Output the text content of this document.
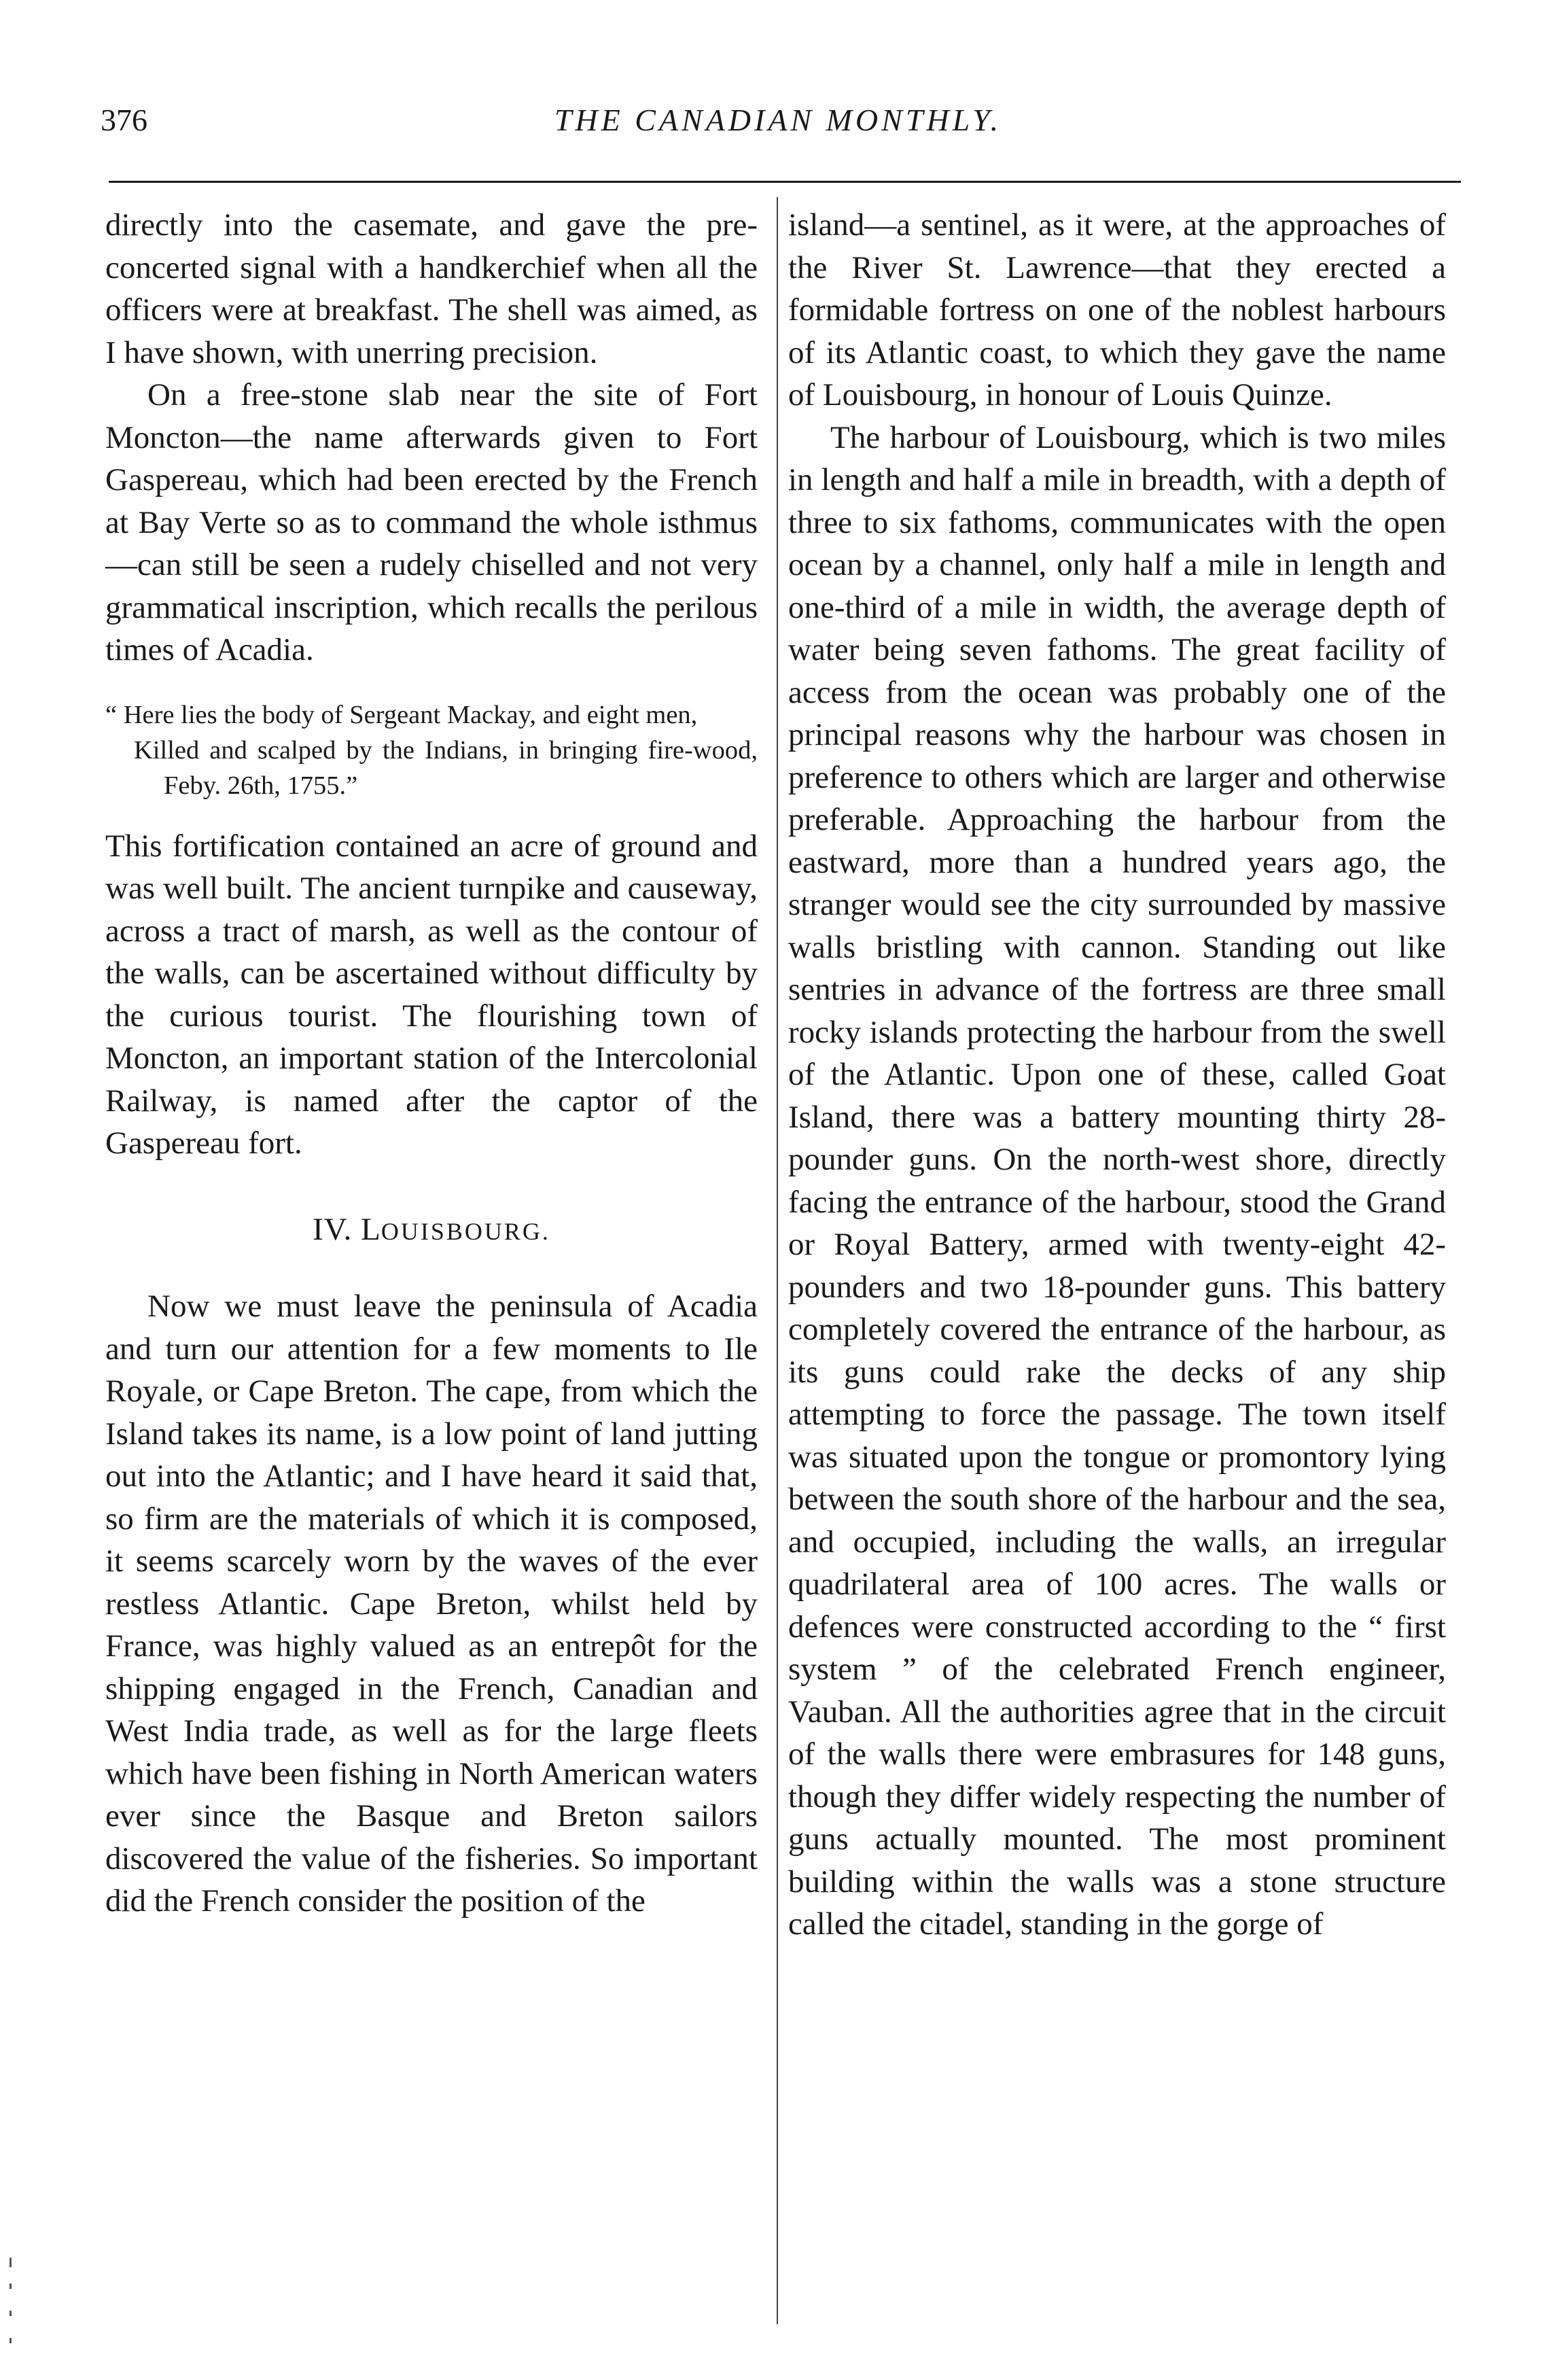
376	THE CANADIAN MONTHLY.

directly into the casemate, and gave the pre-concerted signal with a handkerchief when all the officers were at breakfast. The shell was aimed, as I have shown, with unerring precision.

On a free-stone slab near the site of Fort Moncton—the name afterwards given to Fort Gaspereau, which had been erected by the French at Bay Verte so as to command the whole isthmus—can still be seen a rudely chiselled and not very grammatical inscription, which recalls the perilous times of Acadia.

“ Here lies the body of Sergeant Mackay, and eight men,

Killed and scalped by the Indians, in bringing fire-wood, Feby. 26th, 1755.”

This fortification contained an acre of ground and was well built. The ancient turnpike and causeway, across a tract of marsh, as well as the contour of the walls, can be ascertained without difficulty by the curious tourist. The flourishing town of Moncton, an important station of the Intercolonial Railway, is named after the captor of the Gaspereau fort.

IV. LOUISBOURG.

Now we must leave the peninsula of Acadia and turn our attention for a few moments to Ile Royale, or Cape Breton. The cape, from which the Island takes its name, is a low point of land jutting out into the Atlantic; and I have heard it said that, so firm are the materials of which it is composed, it seems scarcely worn by the waves of the ever restless Atlantic. Cape Breton, whilst held by France, was highly valued as an entrepôt for the shipping engaged in the French, Canadian and West India trade, as well as for the large fleets which have been fishing in North American waters ever since the Basque and Breton sailors discovered the value of the fisheries. So important did the French consider the position of the

island—a sentinel, as it were, at the approaches of the River St. Lawrence—that they erected a formidable fortress on one of the noblest harbours of its Atlantic coast, to which they gave the name of Louisbourg, in honour of Louis Quinze.

The harbour of Louisbourg, which is two miles in length and half a mile in breadth, with a depth of three to six fathoms, communicates with the open ocean by a channel, only half a mile in length and one-third of a mile in width, the average depth of water being seven fathoms. The great facility of access from the ocean was probably one of the principal reasons why the harbour was chosen in preference to others which are larger and otherwise preferable. Approaching the harbour from the eastward, more than a hundred years ago, the stranger would see the city surrounded by massive walls bristling with cannon. Standing out like sentries in advance of the fortress are three small rocky islands protecting the harbour from the swell of the Atlantic. Upon one of these, called Goat Island, there was a battery mounting thirty 28-pounder guns. On the north-west shore, directly facing the entrance of the harbour, stood the Grand or Royal Battery, armed with twenty-eight 42-pounders and two 18-pounder guns. This battery completely covered the entrance of the harbour, as its guns could rake the decks of any ship attempting to force the passage. The town itself was situated upon the tongue or promontory lying between the south shore of the harbour and the sea, and occupied, including the walls, an irregular quadrilateral area of 100 acres. The walls or defences were constructed according to the “ first system ” of the celebrated French engineer, Vauban. All the authorities agree that in the circuit of the walls there were embrasures for 148 guns, though they differ widely respecting the number of guns actually mounted. The most prominent building within the walls was a stone structure called the citadel, standing in the gorge of
